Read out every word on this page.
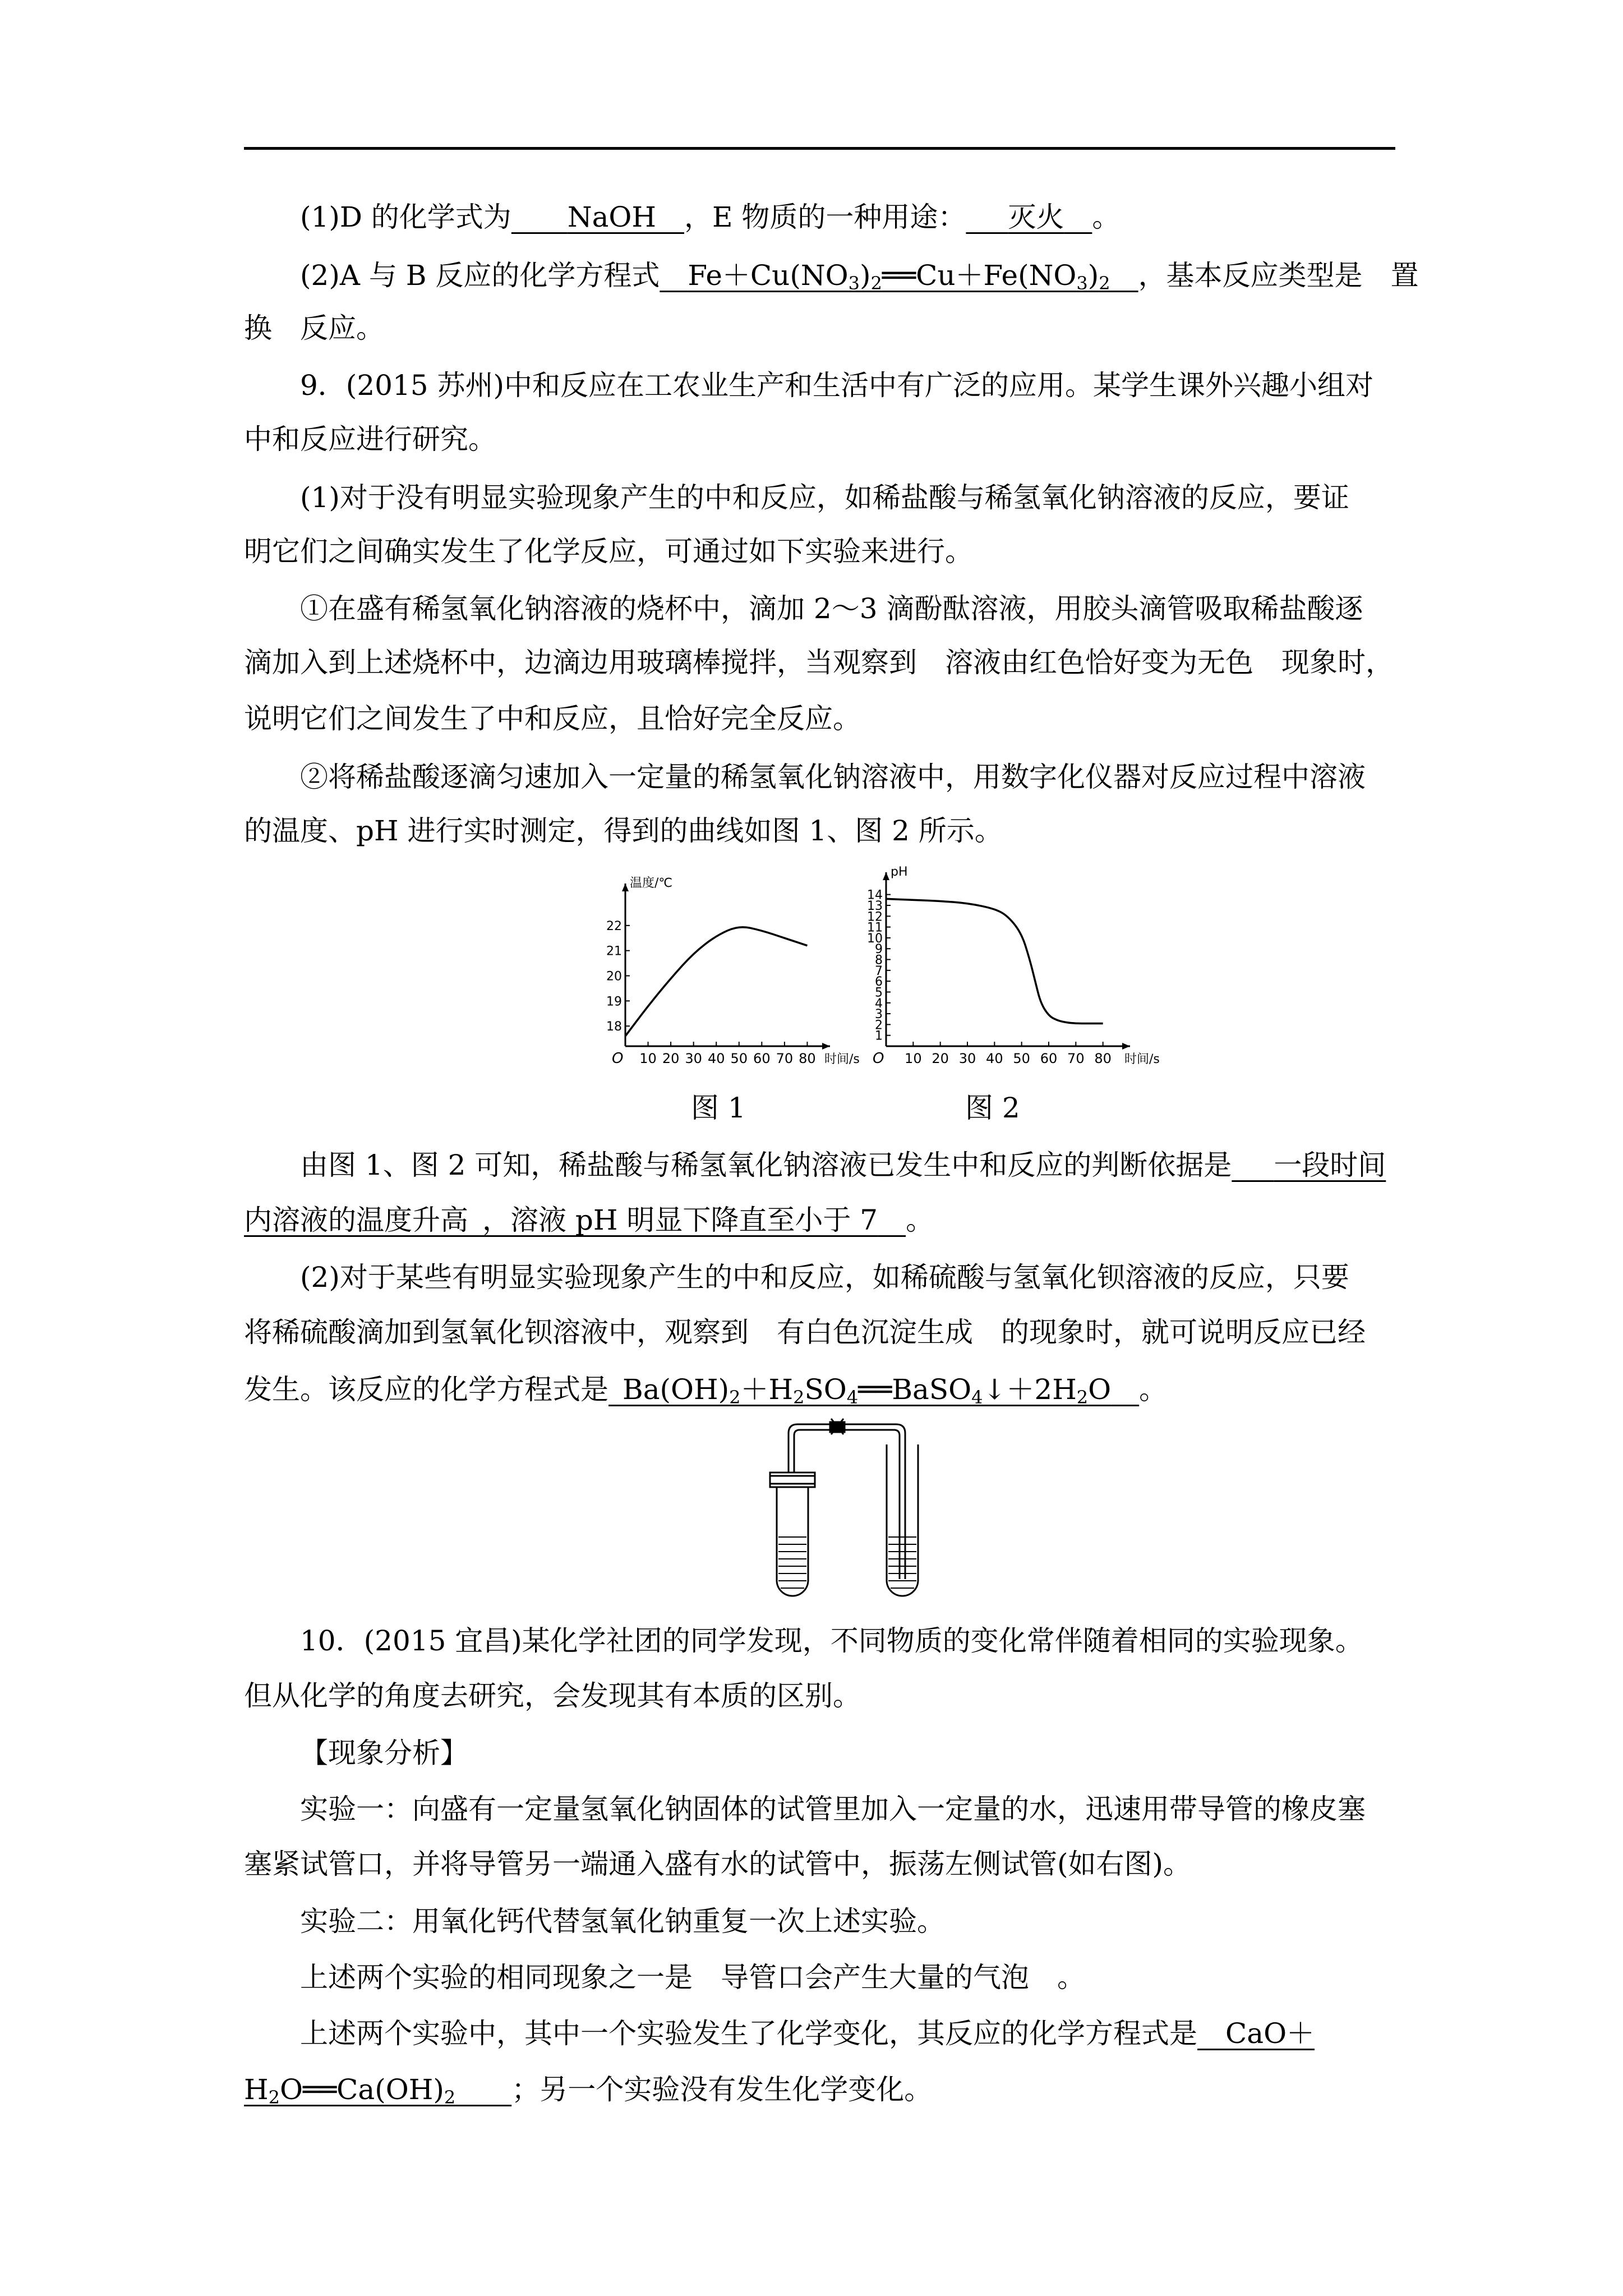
(1)D 的化学式为   NaOH  ，E 物质的一种用途：   灭火  。
(2)A 与 B 反应的化学方程式  $Fe+Cu(NO_3)_2══Cu+Fe(NO_3)_2$  ，基本反应类型是  置
换  反应。
9．(2015 苏州)中和反应在工农业生产和生活中有广泛的应用。某学生课外兴趣小组对
中和反应进行研究。
(1)对于没有明显实验现象产生的中和反应，如稀盐酸与稀氢氧化钠溶液的反应，要证
明它们之间确实发生了化学反应，可通过如下实验来进行。
①在盛有稀氢氧化钠溶液的烧杯中，滴加 2～3 滴酚酞溶液，用胶头滴管吸取稀盐酸逐
滴加入到上述烧杯中，边滴边用玻璃棒搅拌，当观察到  溶液由红色恰好变为无色  现象时，
说明它们之间发生了中和反应，且恰好完全反应。
②将稀盐酸逐滴匀速加入一定量的稀氢氧化钠溶液中，用数字化仪器对反应过程中溶液
的温度、pH 进行实时测定，得到的曲线如图 1、图 2 所示。
O 10 20 30 40 50 60 70 80
18
19
20
21
22
温度/℃
时间/s O 10 20 30 40 50 60 70 80
1
2
3
4
5
6
7
8
9
10
11
12
13
14
pH
时间/s
图 1	图 2
由图 1、图 2 可知，稀盐酸与稀氢氧化钠溶液已发生中和反应的判断依据是   一段时间
内溶液的温度升高  ，溶液 pH 明显下降直至小于 7  。
(2)对于某些有明显实验现象产生的中和反应，如稀硫酸与氢氧化钡溶液的反应，只要
将稀硫酸滴加到氢氧化钡溶液中，观察到  有白色沉淀生成  的现象时，就可说明反应已经
发生。该反应的化学方程式是  $Ba(OH)_2+H_2SO_4══BaSO_4↓+2H_2O$  。
10．(2015 宜昌)某化学社团的同学发现，不同物质的变化常伴随着相同的实验现象。
但从化学的角度去研究，会发现其有本质的区别。
【现象分析】
实验一：向盛有一定量氢氧化钠固体的试管里加入一定量的水，迅速用带导管的橡皮塞
塞紧试管口，并将导管另一端通入盛有水的试管中，振荡左侧试管(如右图)。
实验二：用氧化钙代替氢氧化钠重复一次上述实验。
上述两个实验的相同现象之一是  导管口会产生大量的气泡  。
上述两个实验中，其中一个实验发生了化学变化，其反应的化学方程式是  CaO＋
$H_2O══Ca(OH)_2$   ；另一个实验没有发生化学变化。
